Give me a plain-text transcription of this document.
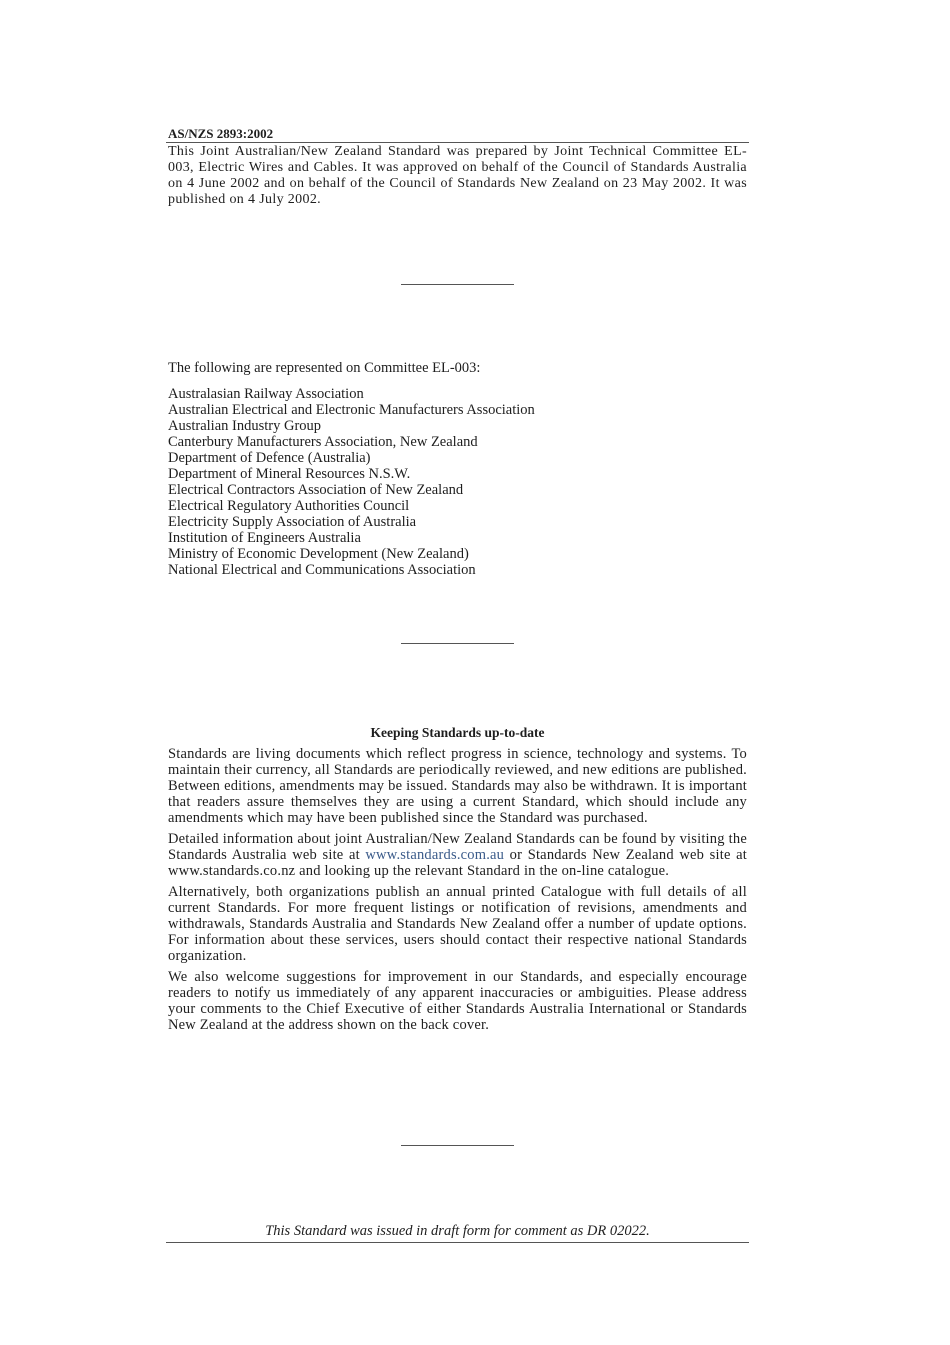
AS/NZS 2893:2002

This Joint Australian/New Zealand Standard was prepared by Joint Technical Committee EL-003, Electric Wires and Cables. It was approved on behalf of the Council of Standards Australia on 4 June 2002 and on behalf of the Council of Standards New Zealand on 23 May 2002. It was published on 4 July 2002.

The following are represented on Committee EL-003:

Australasian Railway Association
Australian Electrical and Electronic Manufacturers Association
Australian Industry Group
Canterbury Manufacturers Association, New Zealand
Department of Defence (Australia)
Department of Mineral Resources N.S.W.
Electrical Contractors Association of New Zealand
Electrical Regulatory Authorities Council
Electricity Supply Association of Australia
Institution of Engineers Australia
Ministry of Economic Development (New Zealand)
National Electrical and Communications Association
Keeping Standards up-to-date

Standards are living documents which reflect progress in science, technology and systems. To maintain their currency, all Standards are periodically reviewed, and new editions are published. Between editions, amendments may be issued. Standards may also be withdrawn. It is important that readers assure themselves they are using a current Standard, which should include any amendments which may have been published since the Standard was purchased.

Detailed information about joint Australian/New Zealand Standards can be found by visiting the Standards Australia web site at www.standards.com.au or Standards New Zealand web site at www.standards.co.nz and looking up the relevant Standard in the on-line catalogue.

Alternatively, both organizations publish an annual printed Catalogue with full details of all current Standards. For more frequent listings or notification of revisions, amendments and withdrawals, Standards Australia and Standards New Zealand offer a number of update options. For information about these services, users should contact their respective national Standards organization.

We also welcome suggestions for improvement in our Standards, and especially encourage readers to notify us immediately of any apparent inaccuracies or ambiguities. Please address your comments to the Chief Executive of either Standards Australia International or Standards New Zealand at the address shown on the back cover.

This Standard was issued in draft form for comment as DR 02022.
